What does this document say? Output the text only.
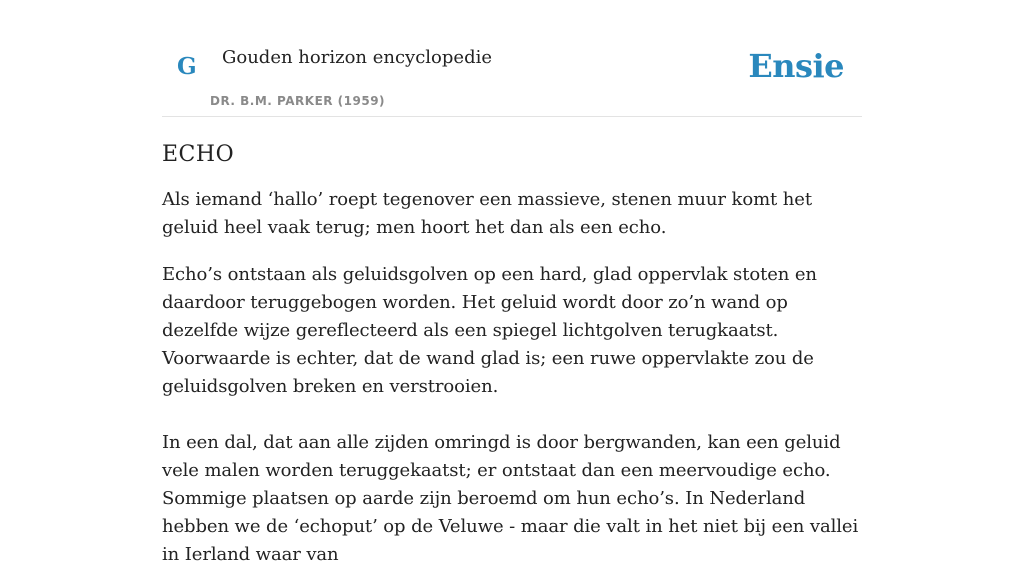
G Gouden horizon encyclopedie
DR. B.M. PARKER (1959)
Ensie
ECHO

Als iemand ‘hallo’ roept tegenover een massieve, stenen muur komt het geluid heel vaak terug; men hoort het dan als een echo.

Echo’s ontstaan als geluidsgolven op een hard, glad oppervlak stoten en daardoor teruggebogen worden. Het geluid wordt door zo’n wand op dezelfde wijze gereflecteerd als een spiegel lichtgolven terugkaatst. Voorwaarde is echter, dat de wand glad is; een ruwe oppervlakte zou de geluidsgolven breken en verstrooien.

In een dal, dat aan alle zijden omringd is door bergwanden, kan een geluid vele malen worden teruggekaatst; er ontstaat dan een meervoudige echo. Sommige plaatsen op aarde zijn beroemd om hun echo’s. In Nederland hebben we de ‘echoput’ op de Veluwe - maar die valt in het niet bij een vallei in Ierland waar van
